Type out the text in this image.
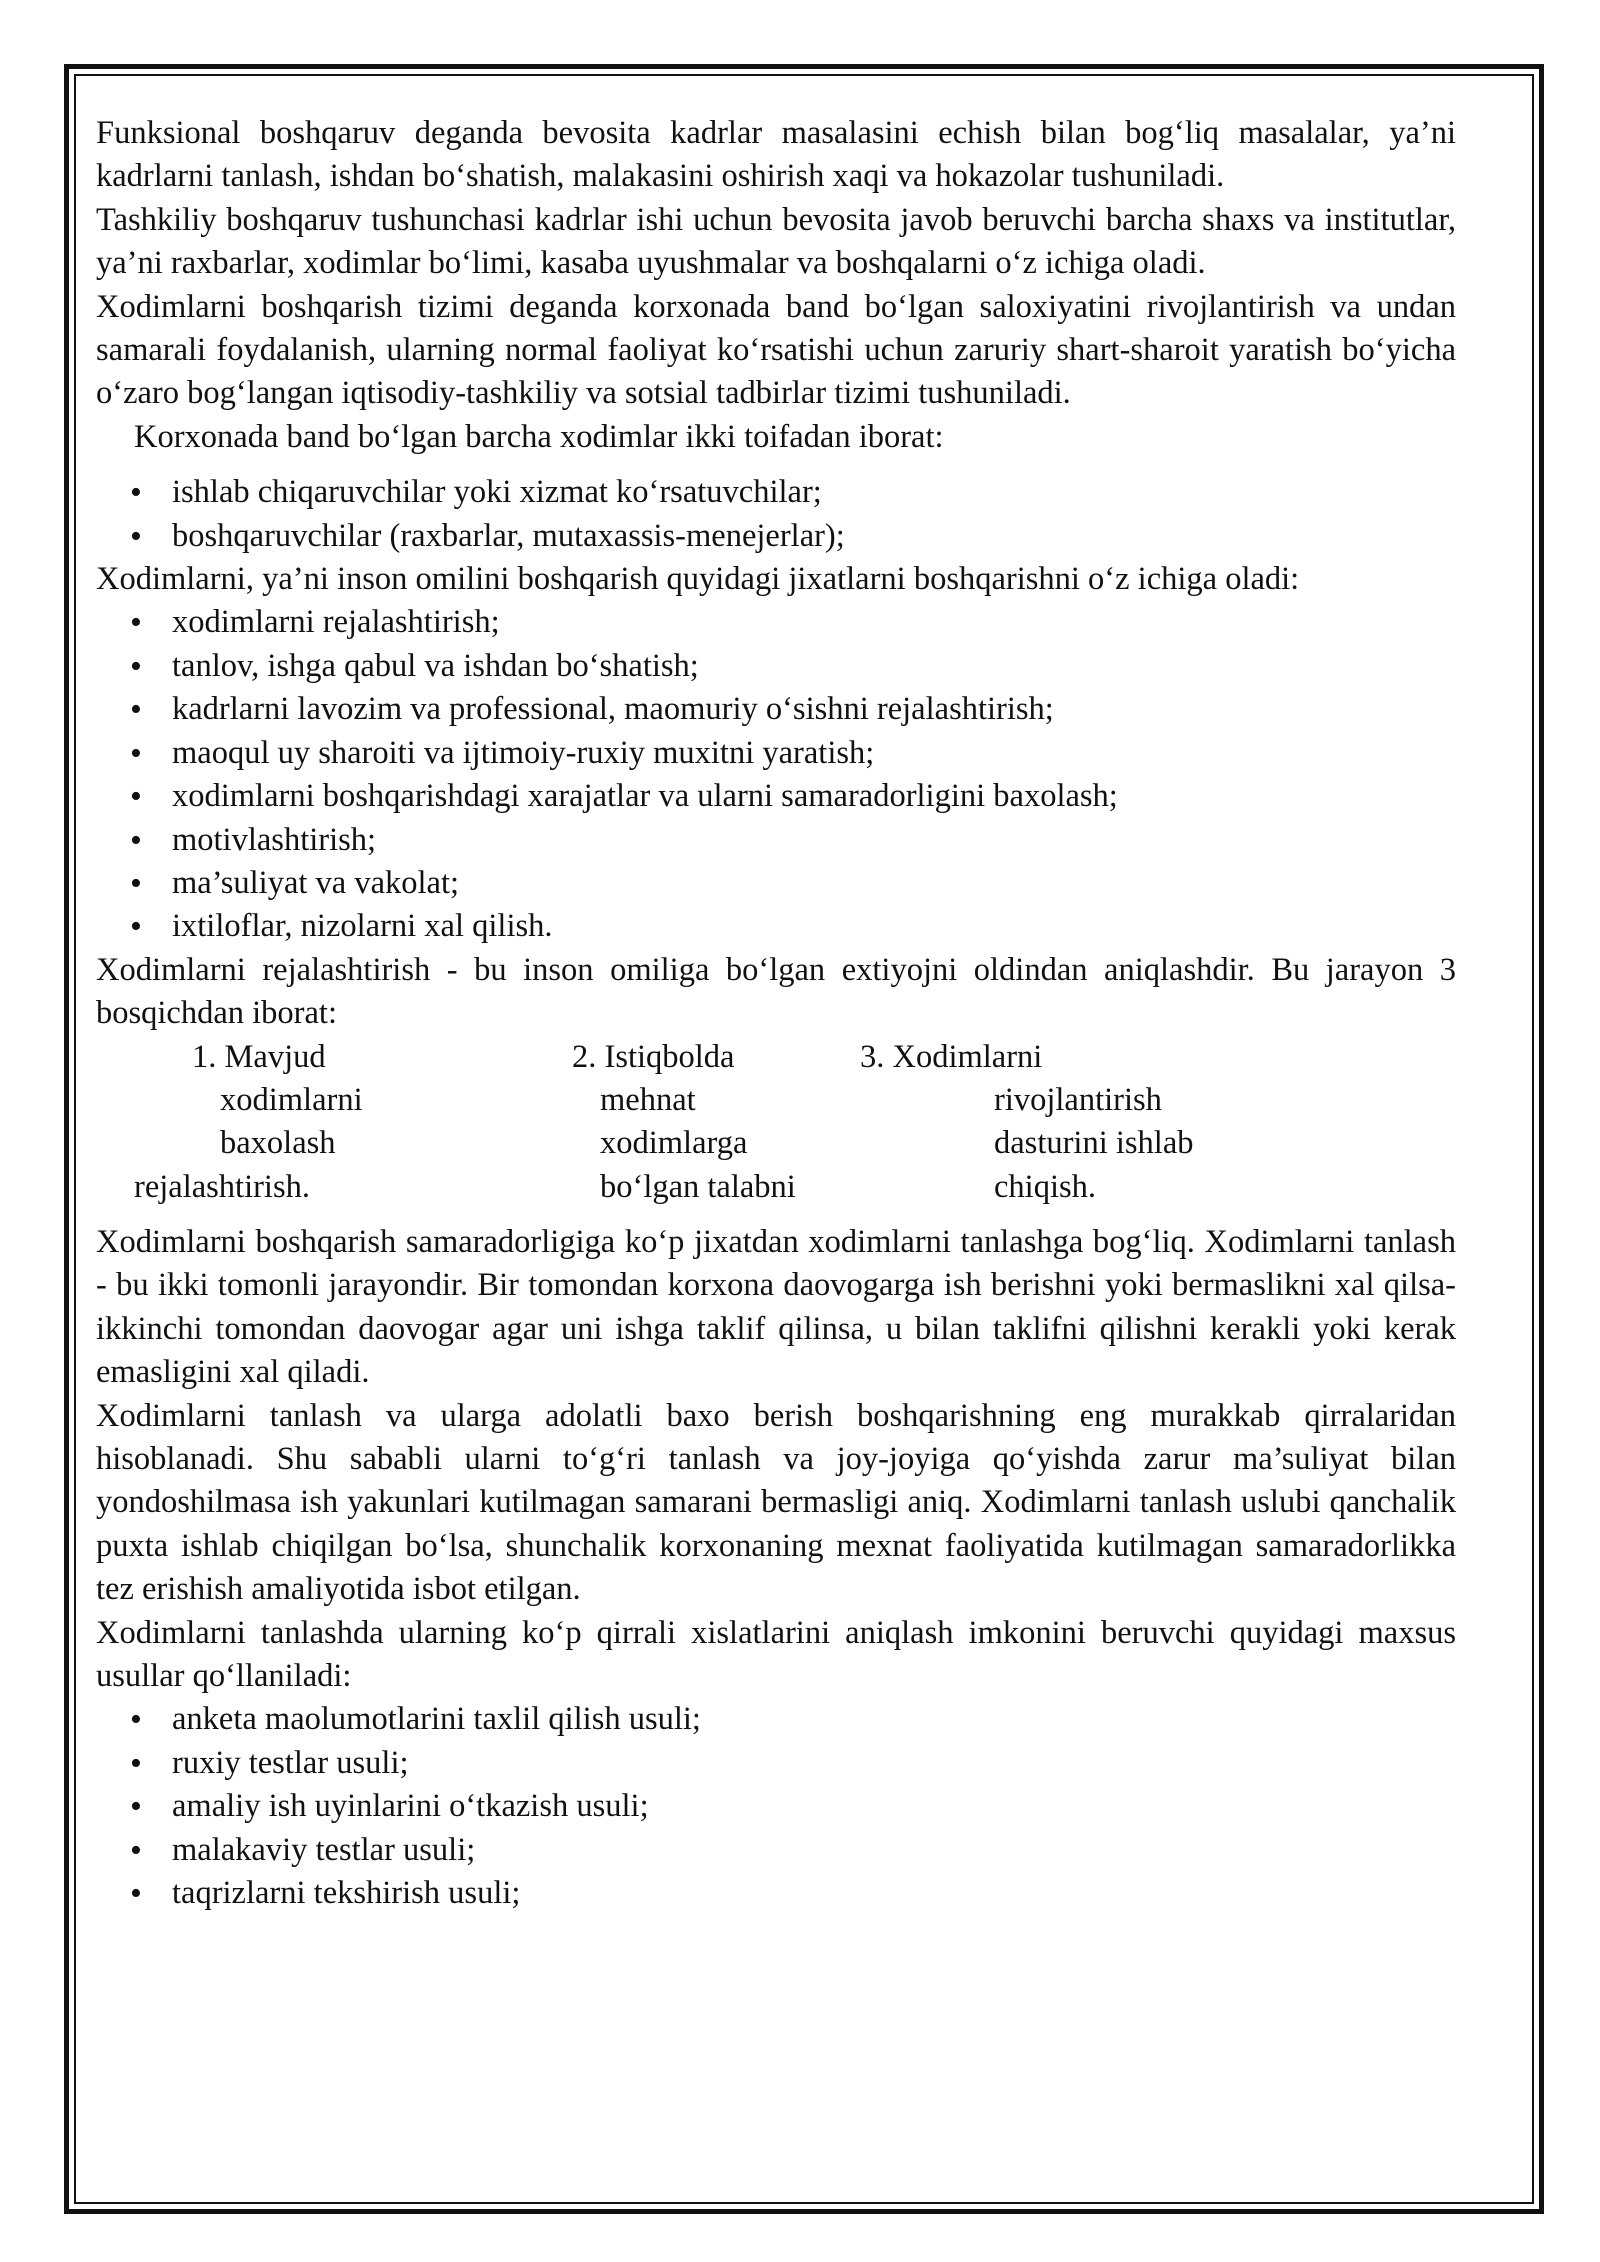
Funksional boshqaruv deganda bevosita kadrlar masalasini echish bilan bog‘liq masalalar, ya’ni kadrlarni tanlash, ishdan bo‘shatish, malakasini oshirish xaqi va hokazolar tushuniladi.

Tashkiliy boshqaruv tushunchasi kadrlar ishi uchun bevosita javob beruvchi barcha shaxs va institutlar, ya’ni raxbarlar, xodimlar bo‘limi, kasaba uyushmalar va boshqalarni o‘z ichiga oladi.

Xodimlarni boshqarish tizimi deganda korxonada band bo‘lgan saloxiyatini rivojlantirish va undan samarali foydalanish, ularning normal faoliyat ko‘rsatishi uchun zaruriy shart-sharoit yaratish bo‘yicha o‘zaro bog‘langan iqtisodiy-tashkiliy va sotsial tadbirlar tizimi tushuniladi.

Korxonada band bo‘lgan barcha xodimlar ikki toifadan iborat:

• ishlab chiqaruvchilar yoki xizmat ko‘rsatuvchilar;
• boshqaruvchilar (raxbarlar, mutaxassis-menejerlar);

Xodimlarni, ya’ni inson omilini boshqarish quyidagi jixatlarni boshqarishni o‘z ichiga oladi:

• xodimlarni rejalashtirish;
• tanlov, ishga qabul va ishdan bo‘shatish;
• kadrlarni lavozim va professional, maomuriy o‘sishni rejalashtirish;
• maoqul uy sharoiti va ijtimoiy-ruxiy muxitni yaratish;
• xodimlarni boshqarishdagi xarajatlar va ularni samaradorligini baxolash;
• motivlashtirish;
• ma’suliyat va vakolat;
• ixtiloflar, nizolarni xal qilish.

Xodimlarni rejalashtirish - bu inson omiliga bo‘lgan extiyojni oldindan aniqlashdir. Bu jarayon 3 bosqichdan iborat:

1. Mavjud
xodimlarni
baxolash
2. Istiqbolda
mehnat
xodimlarga
bo‘lgan talabni
3. Xodimlarni
rivojlantirish
dasturini ishlab
chiqish.

rejalashtirish.

Xodimlarni boshqarish samaradorligiga ko‘p jixatdan xodimlarni tanlashga bog‘liq. Xodimlarni tanlash - bu ikki tomonli jarayondir. Bir tomondan korxona daovogarga ish berishni yoki bermaslikni xal qilsa- ikkinchi tomondan daovogar agar uni ishga taklif qilinsa, u bilan taklifni qilishni kerakli yoki kerak emasligini xal qiladi.

Xodimlarni tanlash va ularga adolatli baxo berish boshqarishning eng murakkab qirralaridan hisoblanadi. Shu sababli ularni to‘g‘ri tanlash va joy-joyiga qo‘yishda zarur ma’suliyat bilan yondoshilmasa ish yakunlari kutilmagan samarani bermasligi aniq. Xodimlarni tanlash uslubi qanchalik puxta ishlab chiqilgan bo‘lsa, shunchalik korxonaning mexnat faoliyatida kutilmagan samaradorlikka tez erishish amaliyotida isbot etilgan.

Xodimlarni tanlashda ularning ko‘p qirrali xislatlarini aniqlash imkonini beruvchi quyidagi maxsus usullar qo‘llaniladi:

• anketa maolumotlarini taxlil qilish usuli;
• ruxiy testlar usuli;
• amaliy ish uyinlarini o‘tkazish usuli;
• malakaviy testlar usuli;
• taqrizlarni tekshirish usuli;
